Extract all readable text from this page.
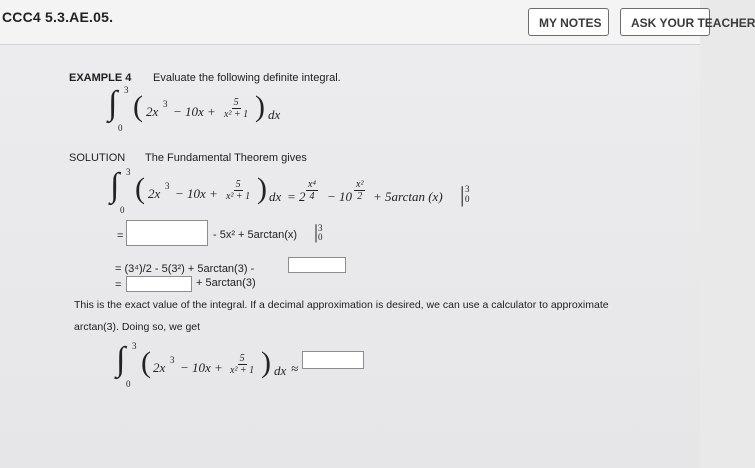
CCC4 5.3.AE.05.	MY NOTES	ASK YOUR TEACHER
EXAMPLE 4 Evaluate the following definite integral.
∫ 3
0
( 2x $3 - 10x + \frac{5}{\text{x² + 1}}$ ) dx
SOLUTION The Fundamental Theorem gives
∫ 3
0
( 2x $3 - 10x + \frac{5}{\text{x² + 1}}$ ) dx = $2 \frac{\text{x⁴}}{4} - 10 \frac{\text{x²}}{2} + 5\arctan$ (x) | 3
0
=	- 5x² + 5arctan(x) | 3
0
= (3⁴)/2 - 5(3²) + 5arctan(3) -
=	+ 5arctan(3)
This is the exact value of the integral. If a decimal approximation is desired, we can use a calculator to approximate
arctan(3). Doing so, we get
∫ 3
0
( 2x $3 - 10x + \frac{5}{\text{x² + 1}}$ ) dx ≈
